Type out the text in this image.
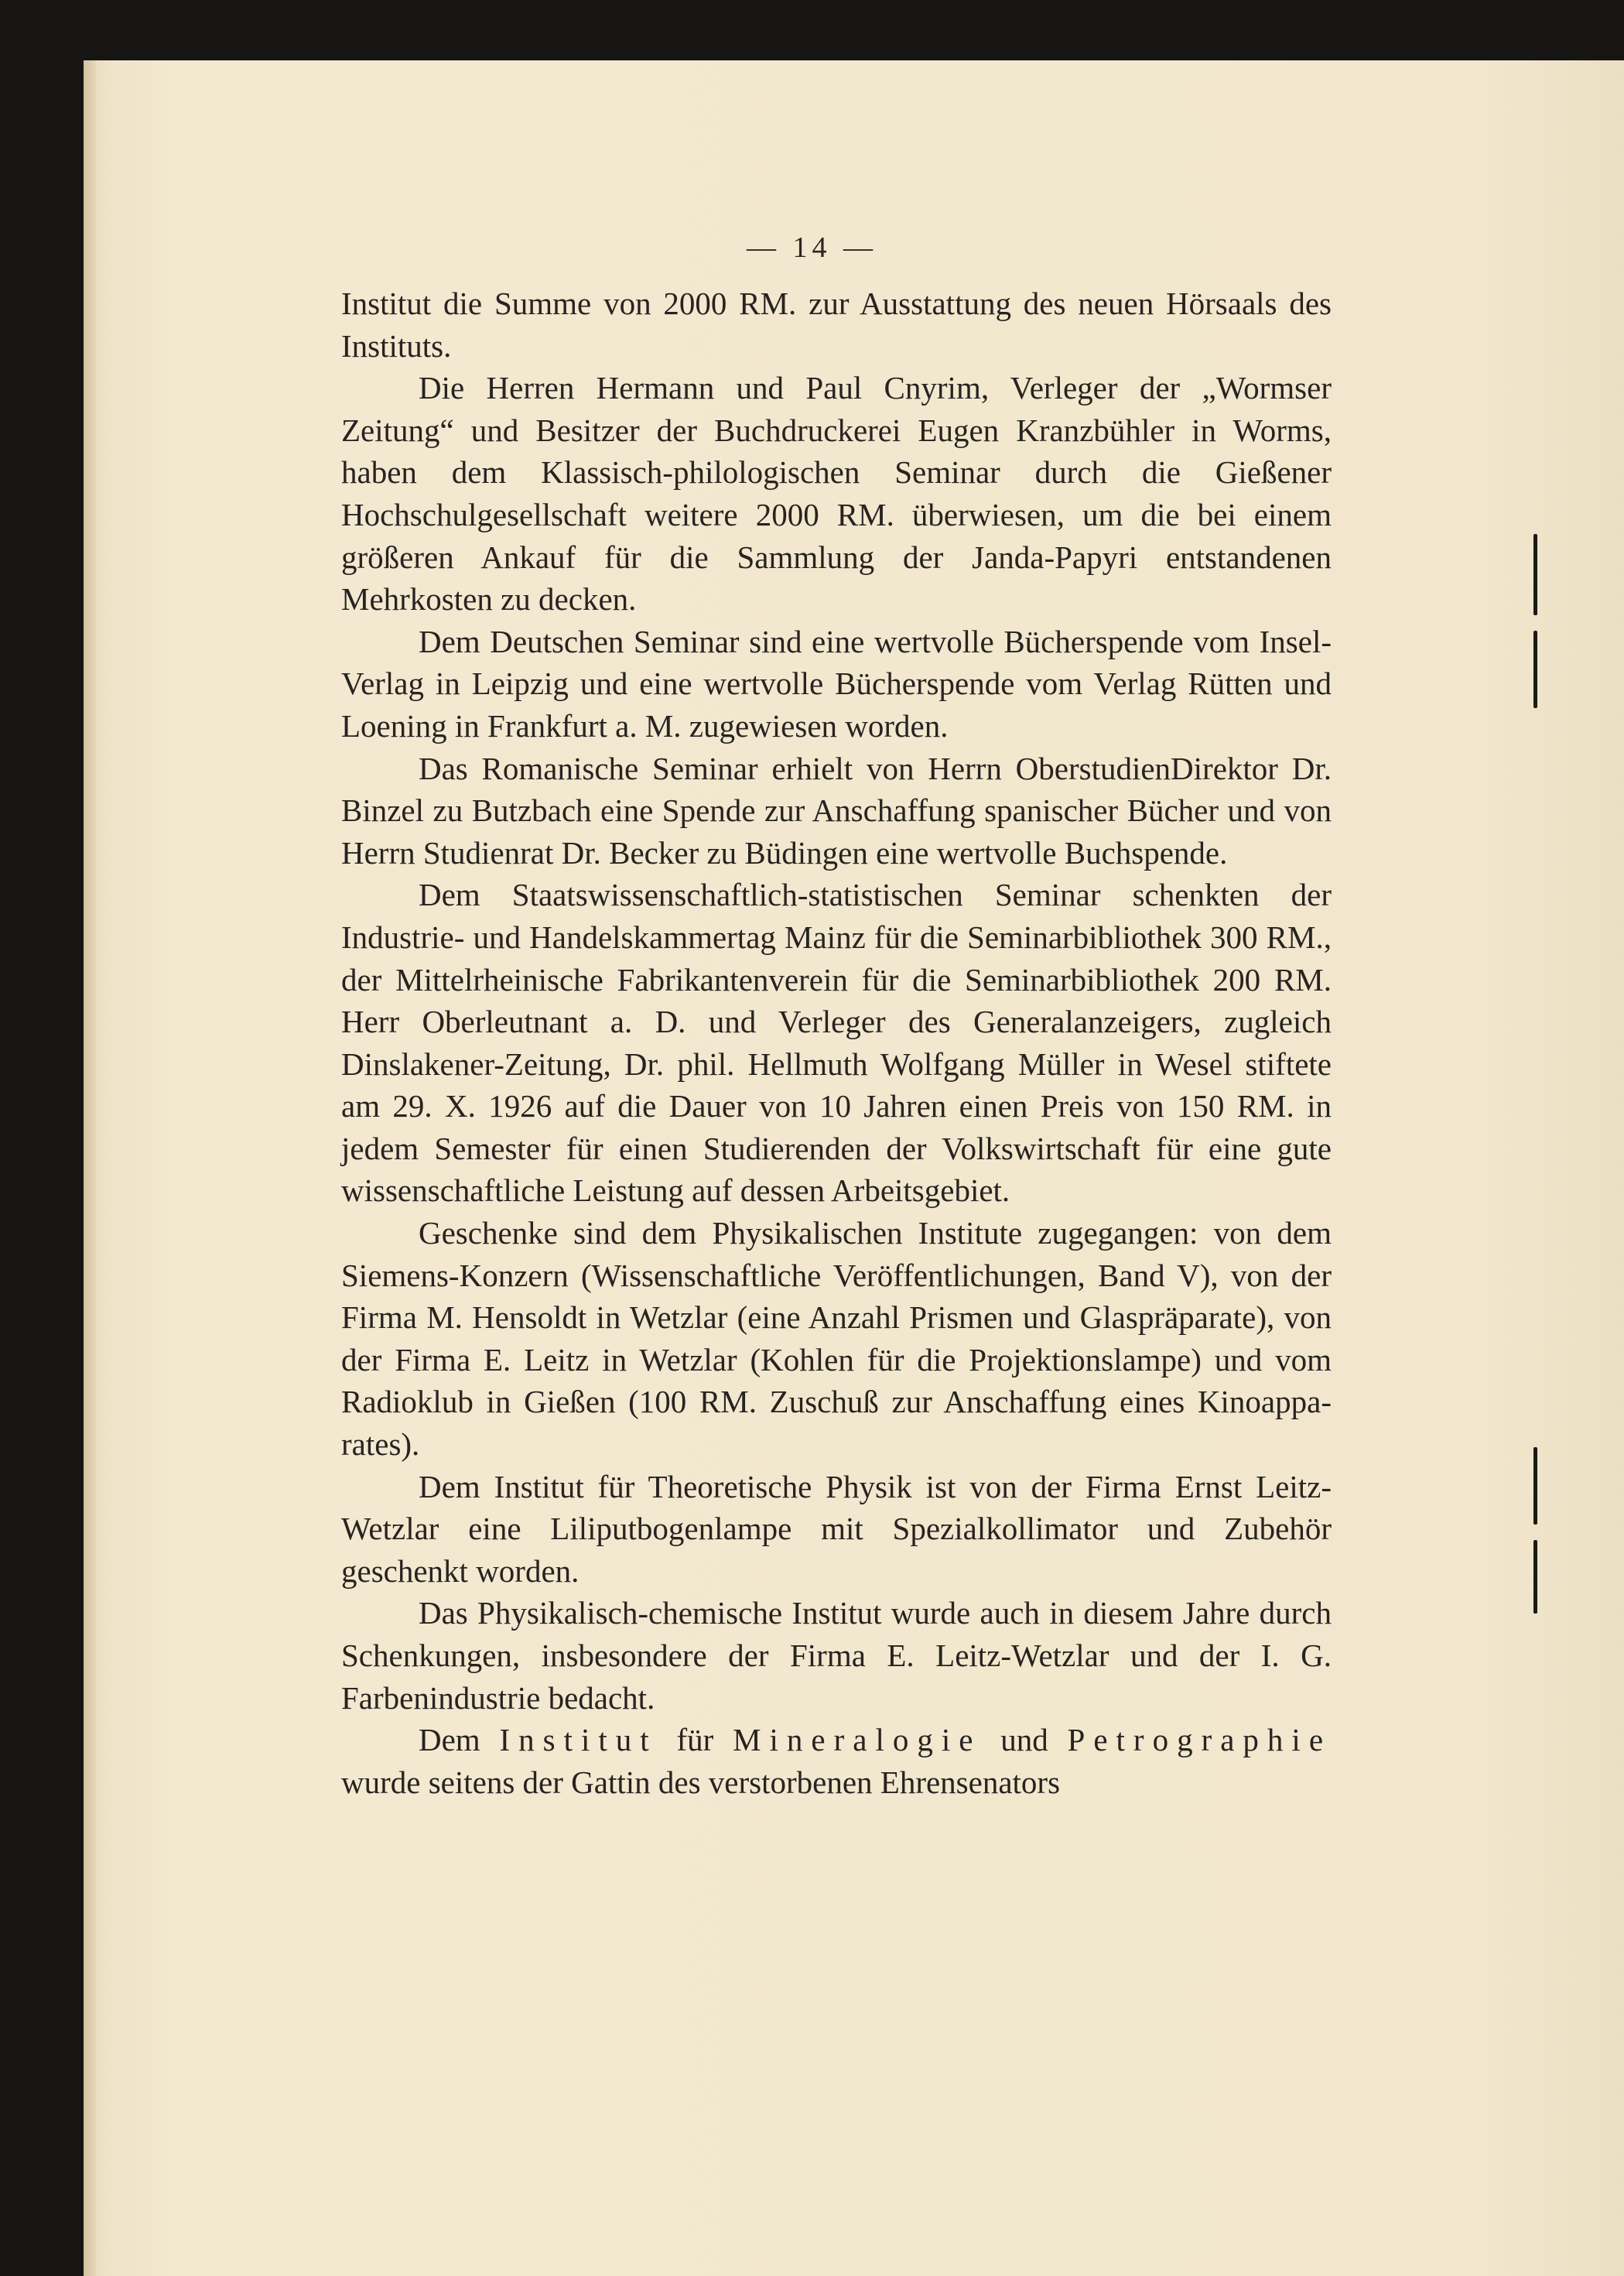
— 14 —

Institut die Summe von 2000 RM. zur Ausstattung des neuen Hörsaals des Instituts.

Die Herren Hermann und Paul Cnyrim, Verleger der „Wormser Zeitung“ und Besitzer der Buchdruckerei Eugen Kranzbühler in Worms, haben dem Klassisch-philologischen Seminar durch die Gießener Hochschulgesellschaft weitere 2000 RM. überwiesen, um die bei einem größeren Ankauf für die Sammlung der Janda-Papyri entstandenen Mehrkosten zu decken.

Dem Deutschen Seminar sind eine wertvolle Bücherspende vom Insel-Verlag in Leipzig und eine wertvolle Bücherspende vom Verlag Rütten und Loening in Frankfurt a. M. zugewiesen worden.

Das Romanische Seminar erhielt von Herrn OberstudienDirektor Dr. Binzel zu Butzbach eine Spende zur Anschaffung spanischer Bücher und von Herrn Studienrat Dr. Becker zu Büdingen eine wertvolle Buchspende.

Dem Staatswissenschaftlich-statistischen Seminar schenkten der Industrie- und Handelskammertag Mainz für die Seminarbibliothek 300 RM., der Mittelrheinische Fabrikantenverein für die Seminarbibliothek 200 RM. Herr Oberleutnant a. D. und Verleger des Generalanzeigers, zugleich Dinslakener-Zeitung, Dr. phil. Hellmuth Wolfgang Müller in Wesel stiftete am 29. X. 1926 auf die Dauer von 10 Jahren einen Preis von 150 RM. in jedem Semester für einen Studierenden der Volkswirtschaft für eine gute wissenschaftliche Leistung auf dessen Arbeitsgebiet.

Geschenke sind dem Physikalischen Institute zugegangen: von dem Siemens-Konzern (Wissenschaftliche Veröffentlichungen, Band V), von der Firma M. Hensoldt in Wetzlar (eine Anzahl Prismen und Glaspräparate), von der Firma E. Leitz in Wetzlar (Kohlen für die Projektionslampe) und vom Radioklub in Gießen (100 RM. Zuschuß zur Anschaffung eines Kinoapparates).

Dem Institut für Theoretische Physik ist von der Firma Ernst Leitz-Wetzlar eine Liliputbogenlampe mit Spezialkollimator und Zubehör geschenkt worden.

Das Physikalisch-chemische Institut wurde auch in diesem Jahre durch Schenkungen, insbesondere der Firma E. Leitz-Wetzlar und der I. G. Farbenindustrie bedacht.

Dem Institut für Mineralogie und Petrographie wurde seitens der Gattin des verstorbenen Ehrensenators
